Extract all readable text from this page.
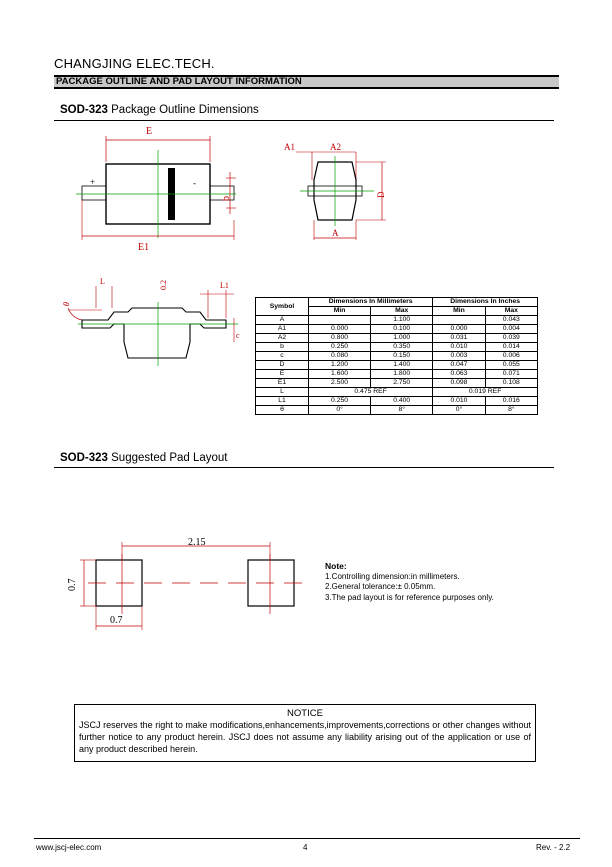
CHANGJING ELEC.TECH.
PACKAGE OUTLINE AND PAD LAYOUT INFORMATION
SOD-323 Package Outline Dimensions
E
+	-
b
E1
A1	A2
D
A
θ
L	0.2	L1
c
Symbol	Dimensions In Millimeters		Dimensions In Inches	
	Min	Max	Min	Max
A		1.100		0.043
A1	0.000	0.100	0.000	0.004
A2	0.800	1.000	0.031	0.039
b	0.250	0.350	0.010	0.014
c	0.080	0.150	0.003	0.006
D	1.200	1.400	0.047	0.055
E	1.600	1.800	0.063	0.071
E1	2.500	2.750	0.098	0.108
L	0.475 REF		0.019 REF	
L1	0.250	0.400	0.010	0.016
θ	0°	8°	0°	8°
SOD-323 Suggested Pad Layout
2.15
0.7
0.7
Note:
1.Controlling dimension:in millimeters.
2.General tolerance:± 0.05mm.
3.The pad layout is for reference purposes only.
NOTICE
JSCJ reserves the right to make modifications,enhancements,improvements,corrections or other changes without further notice to any product herein. JSCJ does not assume any liability arising out of the application or use of any product described herein.
www.jscj-elec.com	4	Rev. - 2.2
